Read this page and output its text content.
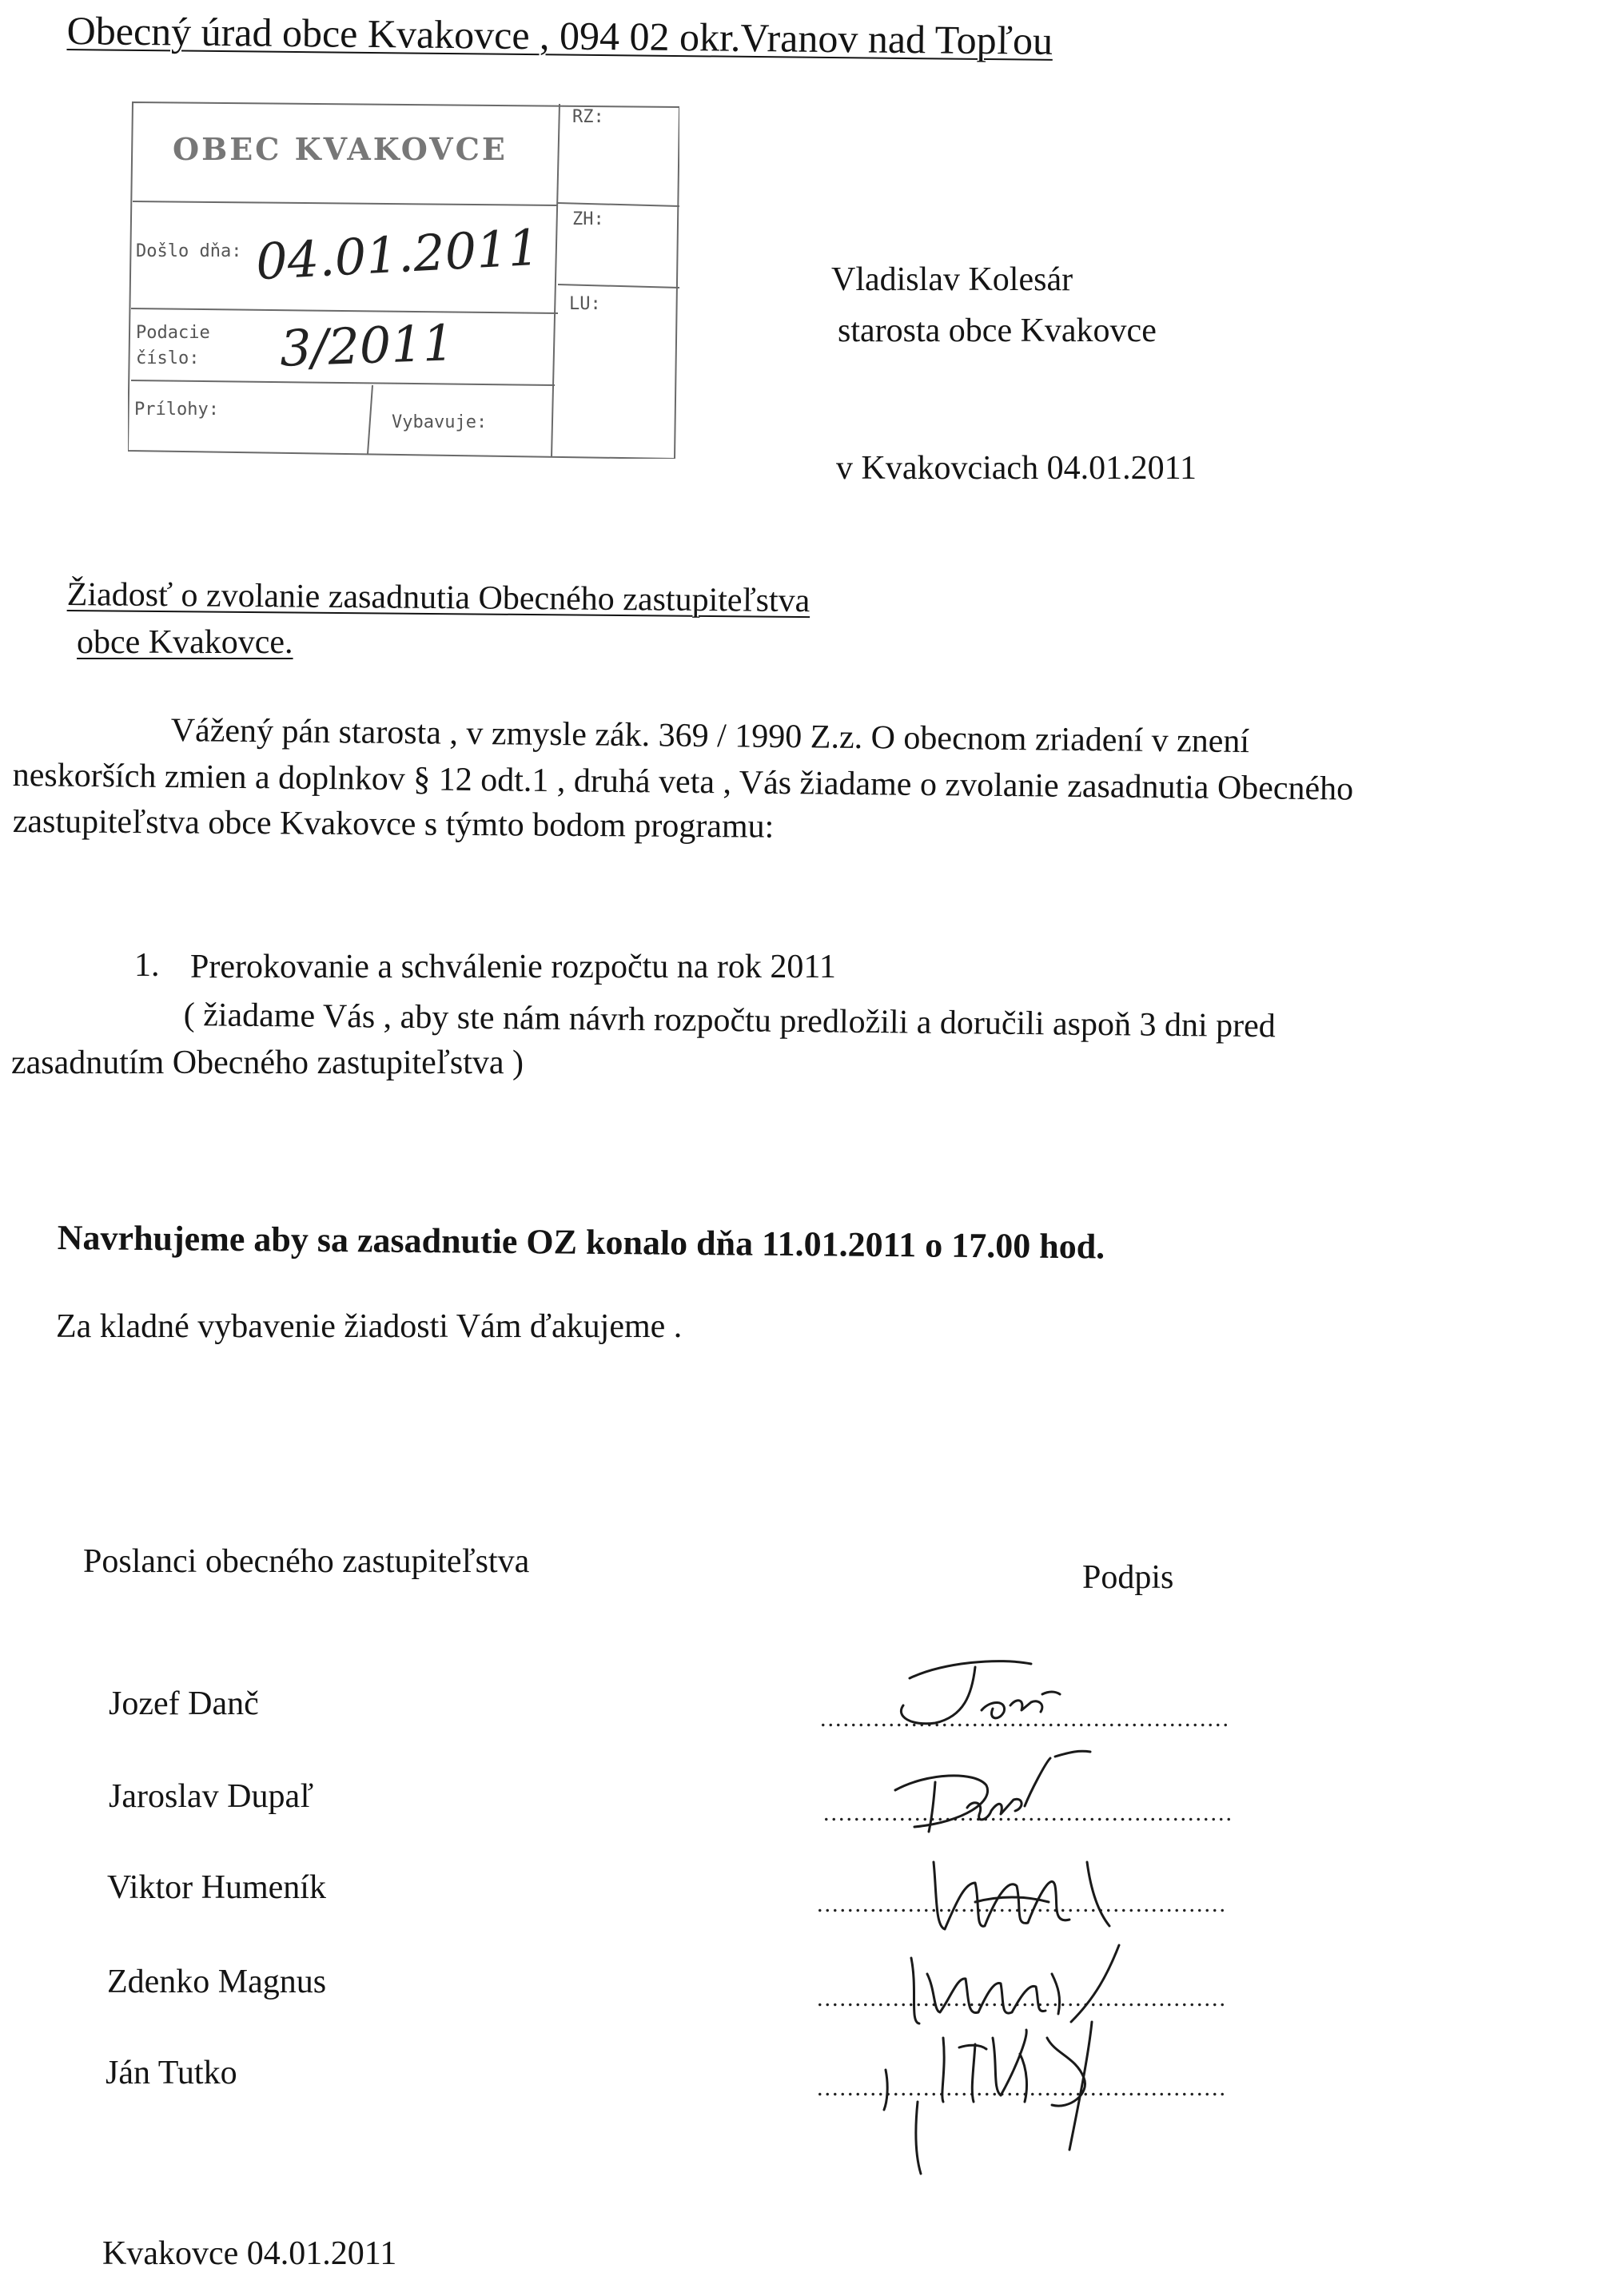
Obecný úrad obce Kvakovce , 094 02 okr.Vranov nad Topľou
OBEC KVAKOVCE
RZ:
ZH:
LU:
Došlo dňa: 04.01.2011
Podacie
číslo: 3/2011
Prílohy:
Vybavuje:
Vladislav Kolesár
starosta obce Kvakovce
v Kvakovciach 04.01.2011
Žiadosť o zvolanie zasadnutia Obecného zastupiteľstva
obce Kvakovce.
Vážený pán starosta , v zmysle zák. 369 / 1990 Z.z. O obecnom zriadení v znení
neskorších zmien a doplnkov § 12 odt.1 , druhá veta , Vás žiadame o zvolanie zasadnutia Obecného
zastupiteľstva obce Kvakovce s týmto bodom programu:
1. Prerokovanie a schválenie rozpočtu na rok 2011
( žiadame Vás , aby ste nám návrh rozpočtu predložili a doručili aspoň 3 dni pred
zasadnutím Obecného zastupiteľstva )
Navrhujeme aby sa zasadnutie OZ konalo dňa 11.01.2011 o 17.00 hod.
Za kladné vybavenie žiadosti Vám ďakujeme .
Poslanci obecného zastupiteľstva	Podpis
Jozef Danč
Jaroslav Dupaľ
Viktor Humeník
Zdenko Magnus
Ján Tutko
......................................................
......................................................
......................................................
......................................................
......................................................
Kvakovce 04.01.2011
